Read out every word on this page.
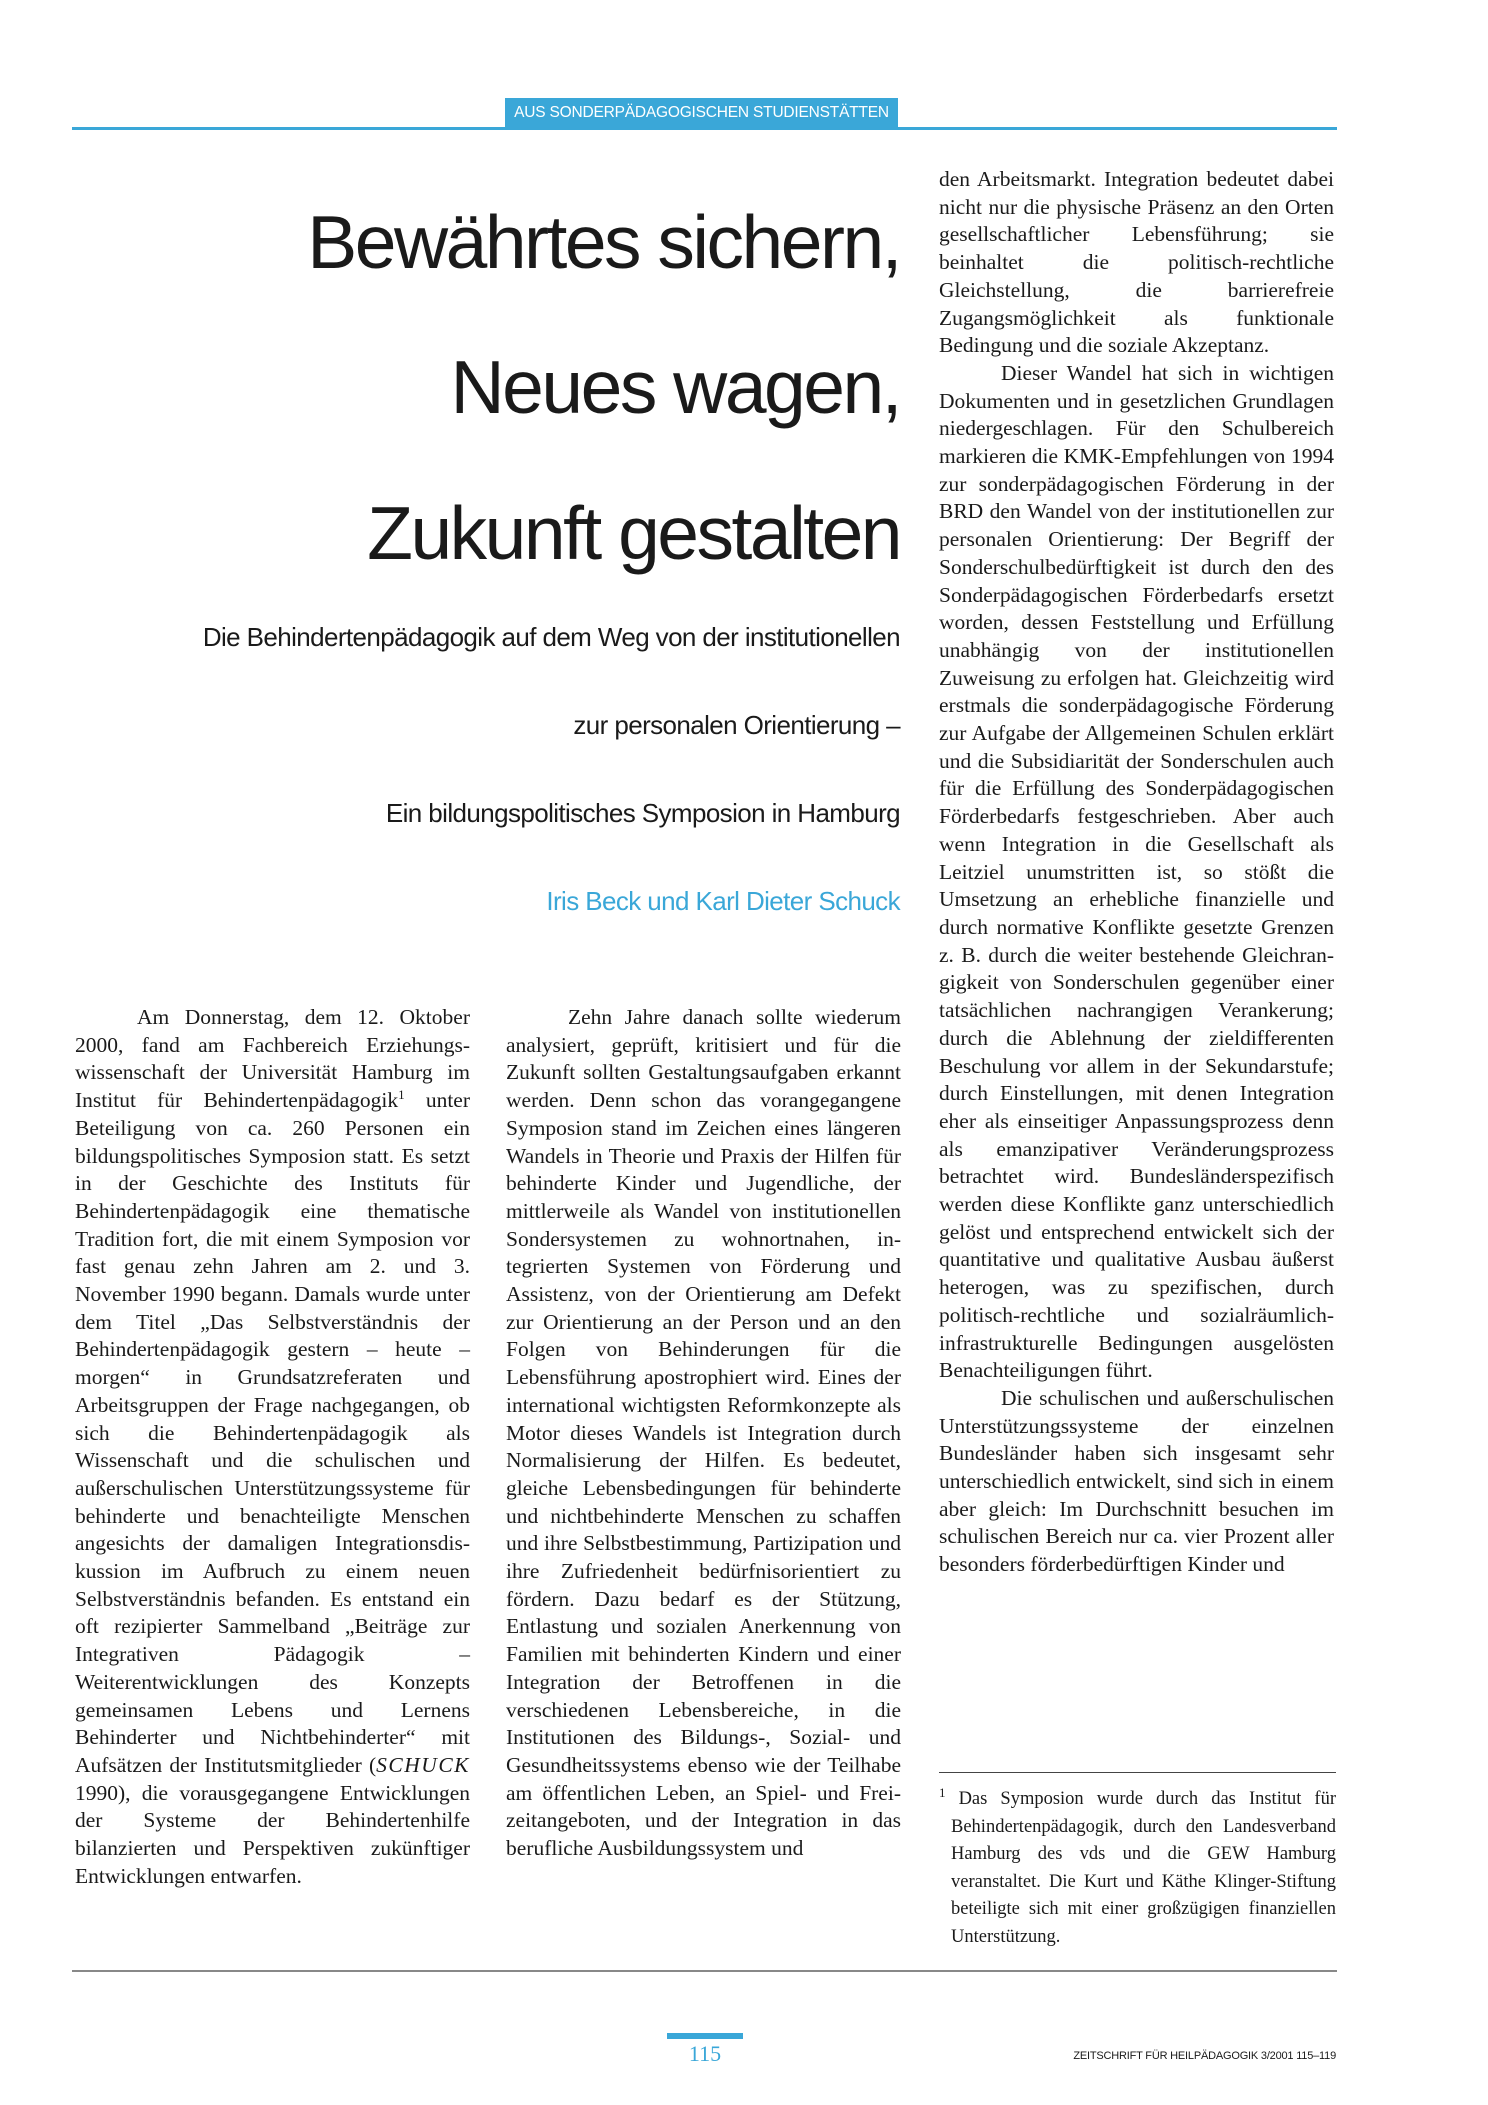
AUS SONDERPÄDAGOGISCHEN STUDIENSTÄTTEN
Bewährtes sichern,
Neues wagen,
Zukunft gestalten

Die Behindertenpädagogik auf dem Weg von der institutionellen

zur personalen Orientierung –

Ein bildungspolitisches Symposion in Hamburg

Iris Beck und Karl Dieter Schuck

Am Donnerstag, dem 12. Oktober 2000, fand am Fachbereich Erziehungswissenschaft der Universität Hamburg im Institut für Behindertenpädagogik$^1$ unter Beteiligung von ca. 260 Personen ein bildungspolitisches Symposion statt. Es setzt in der Geschichte des Instituts für Behindertenpädagogik eine thematische Tradition fort, die mit einem Symposion vor fast genau zehn Jahren am 2. und 3. November 1990 begann. Damals wurde unter dem Titel „Das Selbstverständnis der Behindertenpädagogik gestern – heute – morgen“ in Grundsatzreferaten und Arbeitsgruppen der Frage nachgegangen, ob sich die Behindertenpädagogik als Wissenschaft und die schulischen und außerschulischen Unterstützungssysteme für behinderte und benachteiligte Menschen angesichts der damaligen Integrationsdiskussion im Aufbruch zu einem neuen Selbstverständnis befanden. Es entstand ein oft rezipierter Sammelband „Beiträge zur Integrativen Pädagogik – Weiterentwicklungen des Konzepts gemeinsamen Lebens und Lernens Behinderter und Nichtbehinderter“ mit Aufsätzen der Institutsmitglieder (SCHUCK 1990), die vorausgegangene Entwicklungen der Systeme der Behindertenhilfe bilanzierten und Perspektiven zukünftiger Entwicklungen entwarfen.

Zehn Jahre danach sollte wiederum analysiert, geprüft, kritisiert und für die Zukunft sollten Gestaltungsaufgaben erkannt werden. Denn schon das vorangegangene Symposion stand im Zeichen eines längeren Wandels in Theorie und Praxis der Hilfen für behinderte Kinder und Jugendliche, der mittlerweile als Wandel von institutionellen Sondersystemen zu wohnortnahen, integrierten Systemen von Förderung und Assistenz, von der Orientierung am Defekt zur Orientierung an der Person und an den Folgen von Behinderungen für die Lebensführung apostrophiert wird. Eines der international wichtigsten Reformkonzepte als Motor dieses Wandels ist Integration durch Normalisierung der Hilfen. Es bedeutet, gleiche Lebensbedingungen für behinderte und nichtbehinderte Menschen zu schaffen und ihre Selbstbestimmung, Partizipation und ihre Zufriedenheit bedürfnisorientiert zu fördern. Dazu bedarf es der Stützung, Entlastung und sozialen Anerkennung von Familien mit behinderten Kindern und einer Integration der Betroffenen in die verschiedenen Lebensbereiche, in die Institutionen des Bildungs-, Sozial- und Gesundheitssystems ebenso wie der Teilhabe am öffentlichen Leben, an Spiel- und Freizeitangeboten, und der Integration in das berufliche Ausbildungssystem und

den Arbeitsmarkt. Integration bedeutet dabei nicht nur die physische Präsenz an den Orten gesellschaftlicher Lebensführung; sie beinhaltet die politisch-rechtliche Gleichstellung, die barrierefreie Zugangsmöglichkeit als funktionale Bedingung und die soziale Akzeptanz.

Dieser Wandel hat sich in wichtigen Dokumenten und in gesetzlichen Grundlagen niedergeschlagen. Für den Schulbereich markieren die KMK-Empfehlungen von 1994 zur sonderpädagogischen Förderung in der BRD den Wandel von der institutionellen zur personalen Orientierung: Der Begriff der Sonderschulbedürftigkeit ist durch den des Sonderpädagogischen Förderbedarfs ersetzt worden, dessen Feststellung und Erfüllung unabhängig von der institutionellen Zuweisung zu erfolgen hat. Gleichzeitig wird erstmals die sonderpädagogische Förderung zur Aufgabe der Allgemeinen Schulen erklärt und die Subsidiarität der Sonderschulen auch für die Erfüllung des Sonderpädagogischen Förderbedarfs festgeschrieben. Aber auch wenn Integration in die Gesellschaft als Leitziel unumstritten ist, so stößt die Umsetzung an erhebliche finanzielle und durch normative Konflikte gesetzte Grenzen z. B. durch die weiter bestehende Gleichrangigkeit von Sonderschulen gegenüber einer tatsächlichen nachrangigen Verankerung; durch die Ablehnung der zieldifferenten Beschulung vor allem in der Sekundarstufe; durch Einstellungen, mit denen Integration eher als einseitiger Anpassungsprozess denn als emanzipativer Veränderungsprozess betrachtet wird. Bundesländerspezifisch werden diese Konflikte ganz unterschiedlich gelöst und entsprechend entwickelt sich der quantitative und qualitative Ausbau äußerst heterogen, was zu spezifischen, durch politisch-rechtliche und sozialräumlich-infrastrukturelle Bedingungen ausgelösten Benachteiligungen führt.

Die schulischen und außerschulischen Unterstützungssysteme der einzelnen Bundesländer haben sich insgesamt sehr unterschiedlich entwickelt, sind sich in einem aber gleich: Im Durchschnitt besuchen im schulischen Bereich nur ca. vier Prozent aller besonders förderbedürftigen Kinder und

$^1$ Das Symposion wurde durch das Institut für Behindertenpädagogik, durch den Landesverband Hamburg des vds und die GEW Hamburg veranstaltet. Die Kurt und Käthe Klinger-Stiftung beteiligte sich mit einer großzügigen finanziellen Unterstützung.

115	ZEITSCHRIFT FÜR HEILPÄDAGOGIK 3/2001 115–119
